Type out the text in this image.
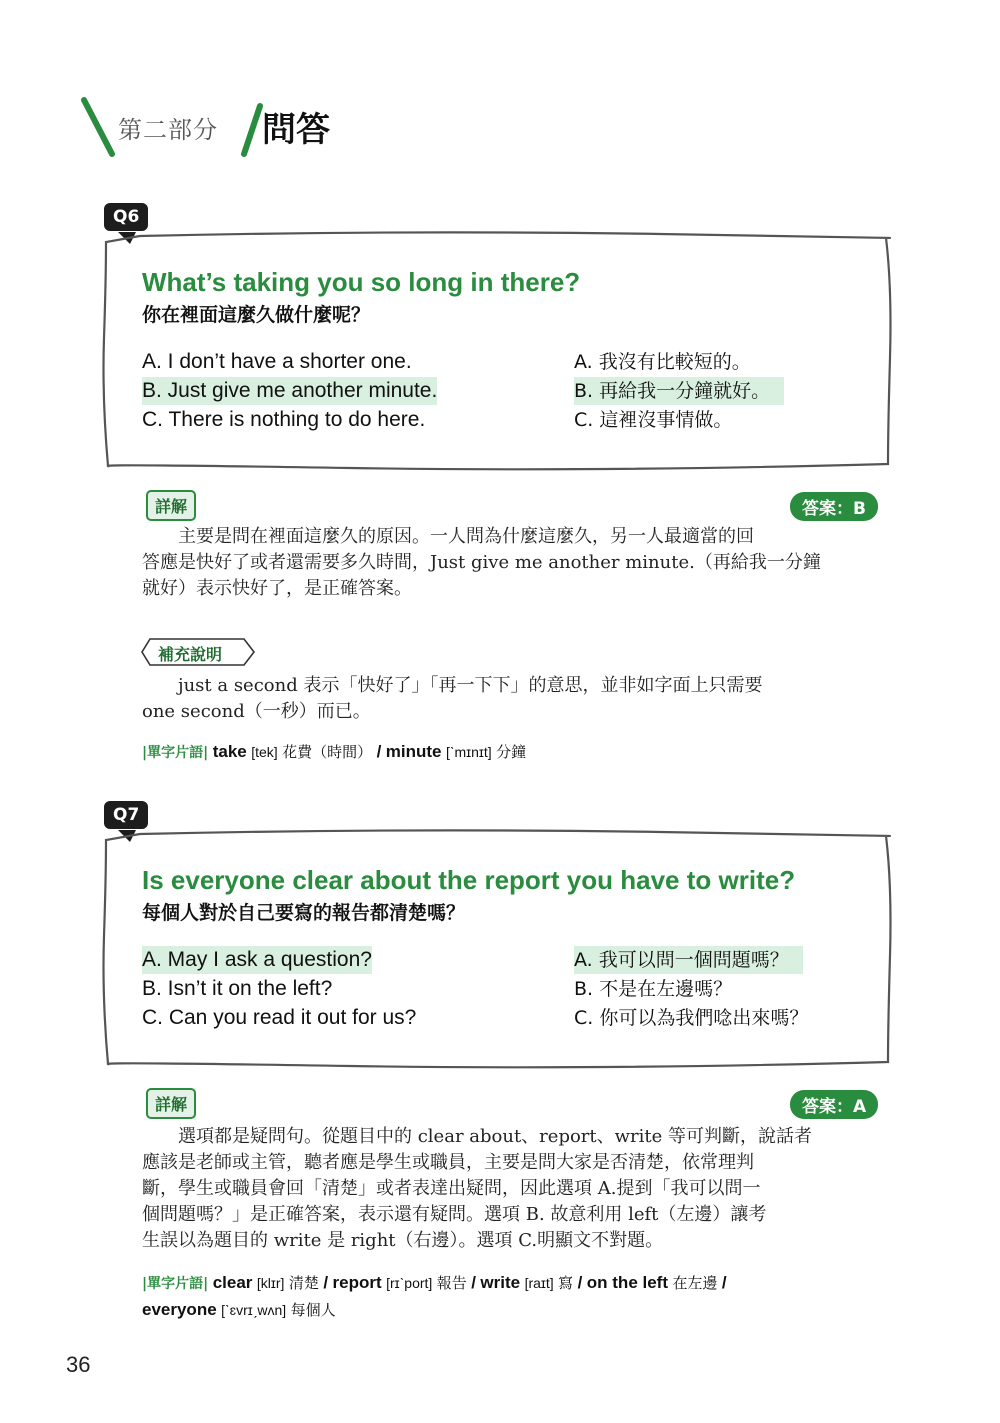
第二部分 問答
Q6
What’s taking you so long in there?
你在裡面這麼久做什麼呢？
A. I don’t have a shorter one.
B. Just give me another minute.
C. There is nothing to do here.
A. 我沒有比較短的。
B. 再給我一分鐘就好。
C. 這裡沒事情做。
詳解	答案：B
　　主要是問在裡面這麼久的原因。一人問為什麼這麼久，另一人最適當的回
答應是快好了或者還需要多久時間，Just give me another minute.（再給我一分鐘
就好）表示快好了，是正確答案。
補充說明
　　just a second 表示「快好了」「再一下下」的意思，並非如字面上只需要
one second（一秒）而已。
|單字片語| take [tek] 花費（時間） / minute [ˋmɪnɪt] 分鐘
Q7
Is everyone clear about the report you have to write?
每個人對於自己要寫的報告都清楚嗎？
A. May I ask a question?
B. Isn’t it on the left?
C. Can you read it out for us?
A. 我可以問一個問題嗎？
B. 不是在左邊嗎？
C. 你可以為我們唸出來嗎？
詳解	答案：A
　　選項都是疑問句。從題目中的 clear about、report、write 等可判斷，說話者
應該是老師或主管，聽者應是學生或職員，主要是問大家是否清楚，依常理判
斷，學生或職員會回「清楚」或者表達出疑問，因此選項 A.提到「我可以問一
個問題嗎？」是正確答案，表示還有疑問。選項 B. 故意利用 left（左邊）讓考
生誤以為題目的 write 是 right（右邊）。選項 C.明顯文不對題。
|單字片語| clear [klɪr] 清楚 / report [rɪˋport] 報告 / write [raɪt] 寫 / on the left 在左邊 /
everyone [ˋɛvrɪˏwʌn] 每個人
36
